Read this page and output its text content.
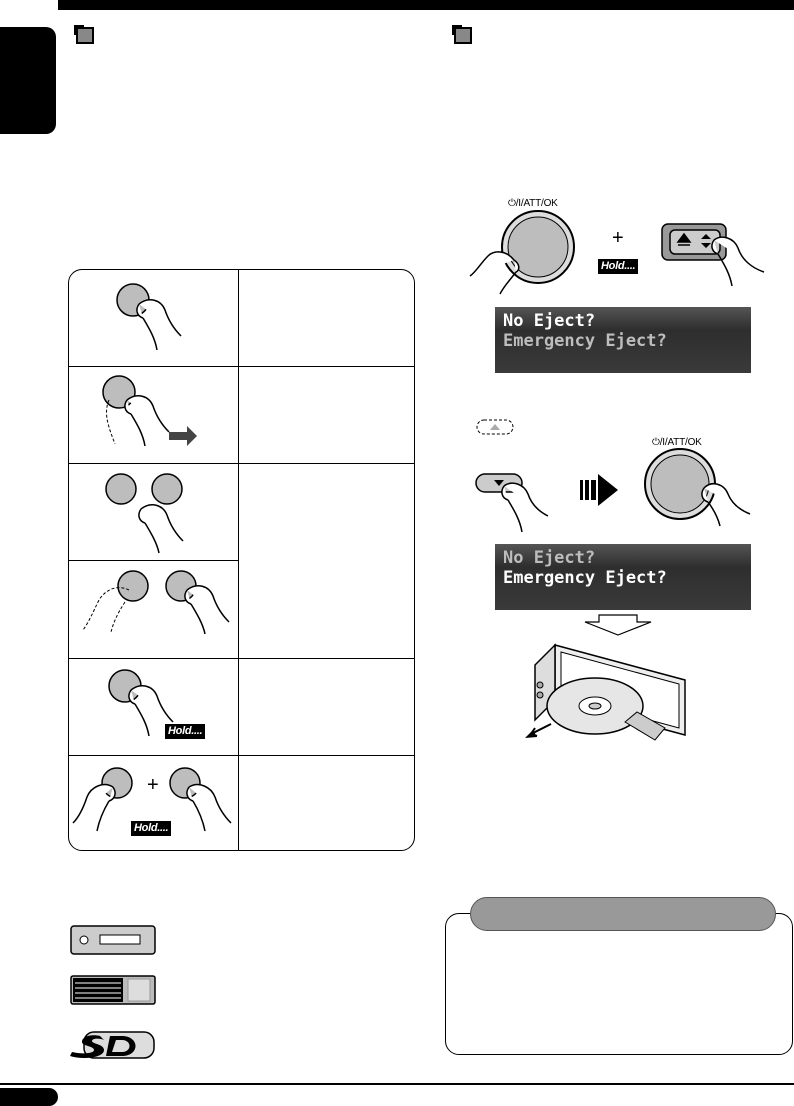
Hold....
+
Hold....
⏻/I/ATT/OK
+
Hold....
No Eject?
Emergency Eject?
⏻/I/ATT/OK
No Eject?
Emergency Eject?
